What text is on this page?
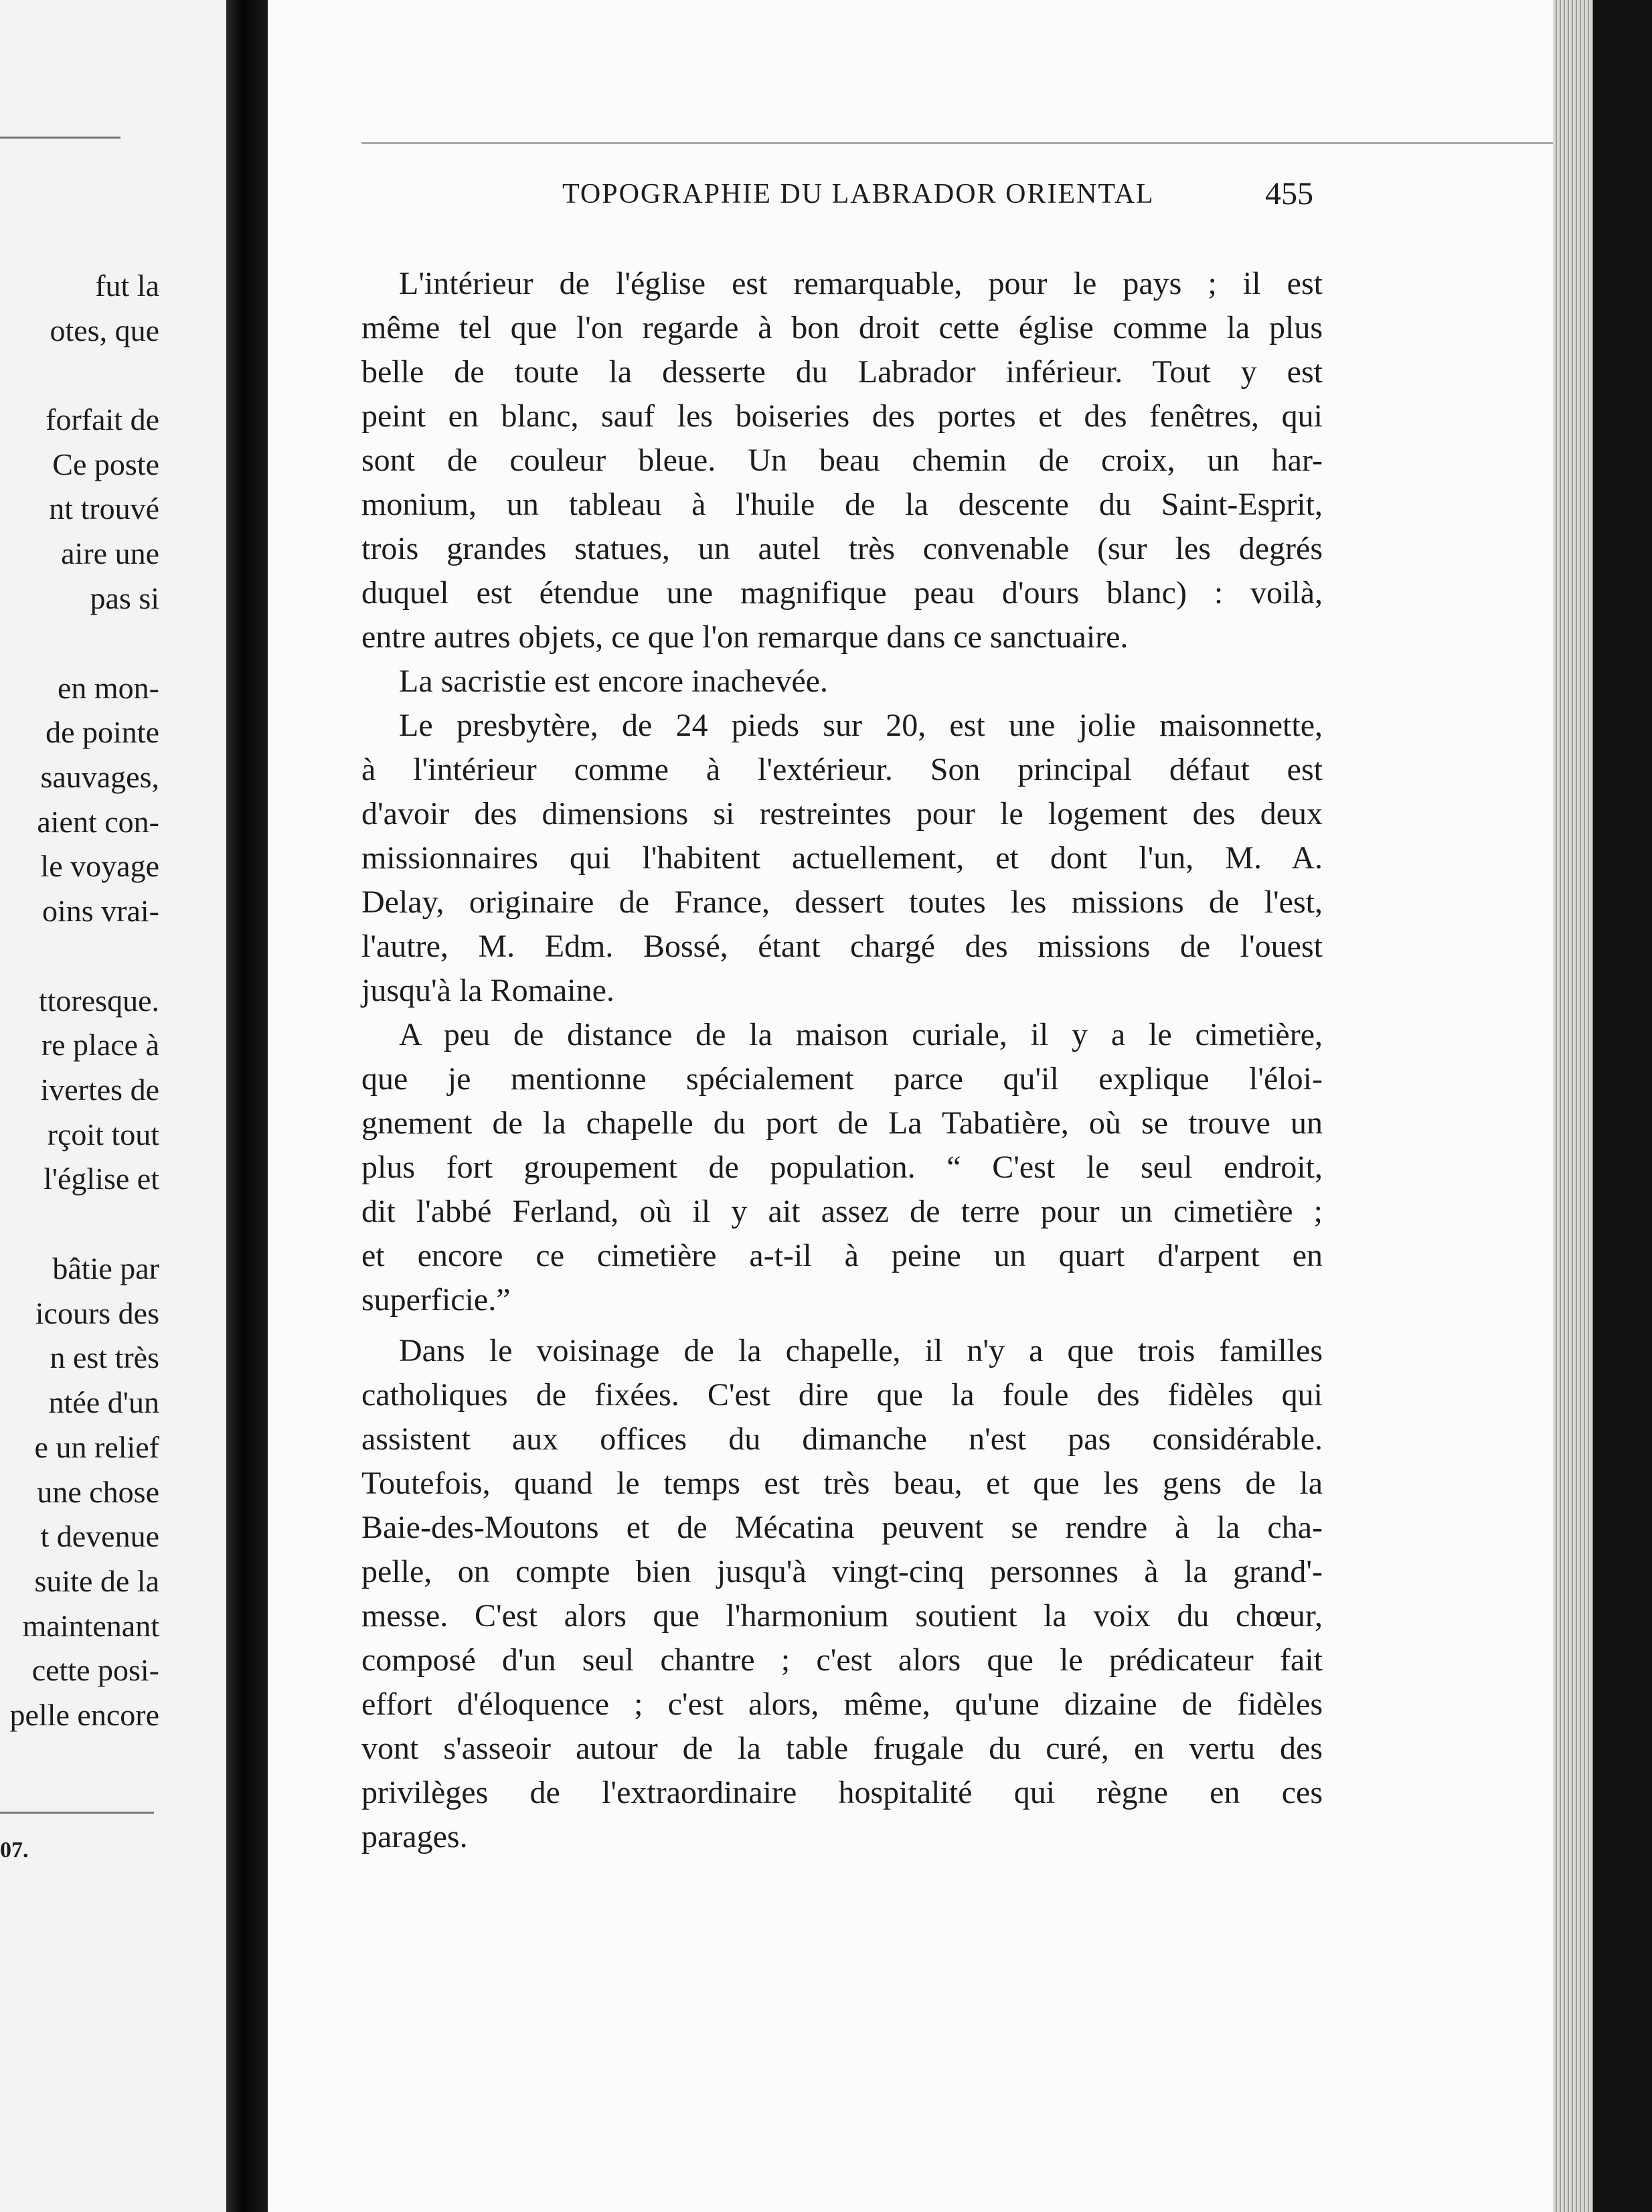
fut la
otes, que
forfait de
Ce poste
nt trouvé
aire une
pas si
en mon-
de pointe
sauvages,
aient con-
le voyage
oins vrai-
ttoresque.
re place à
ivertes de
rçoit tout
l'église et
bâtie par
icours des
n est très
ntée d'un
e un relief
une chose
t devenue
suite de la
maintenant
cette posi-
pelle encore
07.
TOPOGRAPHIE DU LABRADOR ORIENTAL	455
L'intérieur de l'église est remarquable, pour le pays ; il est
même tel que l'on regarde à bon droit cette église comme la plus
belle de toute la desserte du Labrador inférieur. Tout y est
peint en blanc, sauf les boiseries des portes et des fenêtres, qui
sont de couleur bleue. Un beau chemin de croix, un har-
monium, un tableau à l'huile de la descente du Saint-Esprit,
trois grandes statues, un autel très convenable (sur les degrés
duquel est étendue une magnifique peau d'ours blanc) : voilà,
entre autres objets, ce que l'on remarque dans ce sanctuaire.
La sacristie est encore inachevée.
Le presbytère, de 24 pieds sur 20, est une jolie maisonnette,
à l'intérieur comme à l'extérieur. Son principal défaut est
d'avoir des dimensions si restreintes pour le logement des deux
missionnaires qui l'habitent actuellement, et dont l'un, M. A.
Delay, originaire de France, dessert toutes les missions de l'est,
l'autre, M. Edm. Bossé, étant chargé des missions de l'ouest
jusqu'à la Romaine.
A peu de distance de la maison curiale, il y a le cimetière,
que je mentionne spécialement parce qu'il explique l'éloi-
gnement de la chapelle du port de La Tabatière, où se trouve un
plus fort groupement de population. “ C'est le seul endroit,
dit l'abbé Ferland, où il y ait assez de terre pour un cimetière ;
et encore ce cimetière a-t-il à peine un quart d'arpent en
superficie.”
Dans le voisinage de la chapelle, il n'y a que trois familles
catholiques de fixées. C'est dire que la foule des fidèles qui
assistent aux offices du dimanche n'est pas considérable.
Toutefois, quand le temps est très beau, et que les gens de la
Baie-des-Moutons et de Mécatina peuvent se rendre à la cha-
pelle, on compte bien jusqu'à vingt-cinq personnes à la grand'-
messe. C'est alors que l'harmonium soutient la voix du chœur,
composé d'un seul chantre ; c'est alors que le prédicateur fait
effort d'éloquence ; c'est alors, même, qu'une dizaine de fidèles
vont s'asseoir autour de la table frugale du curé, en vertu des
privilèges de l'extraordinaire hospitalité qui règne en ces
parages.
